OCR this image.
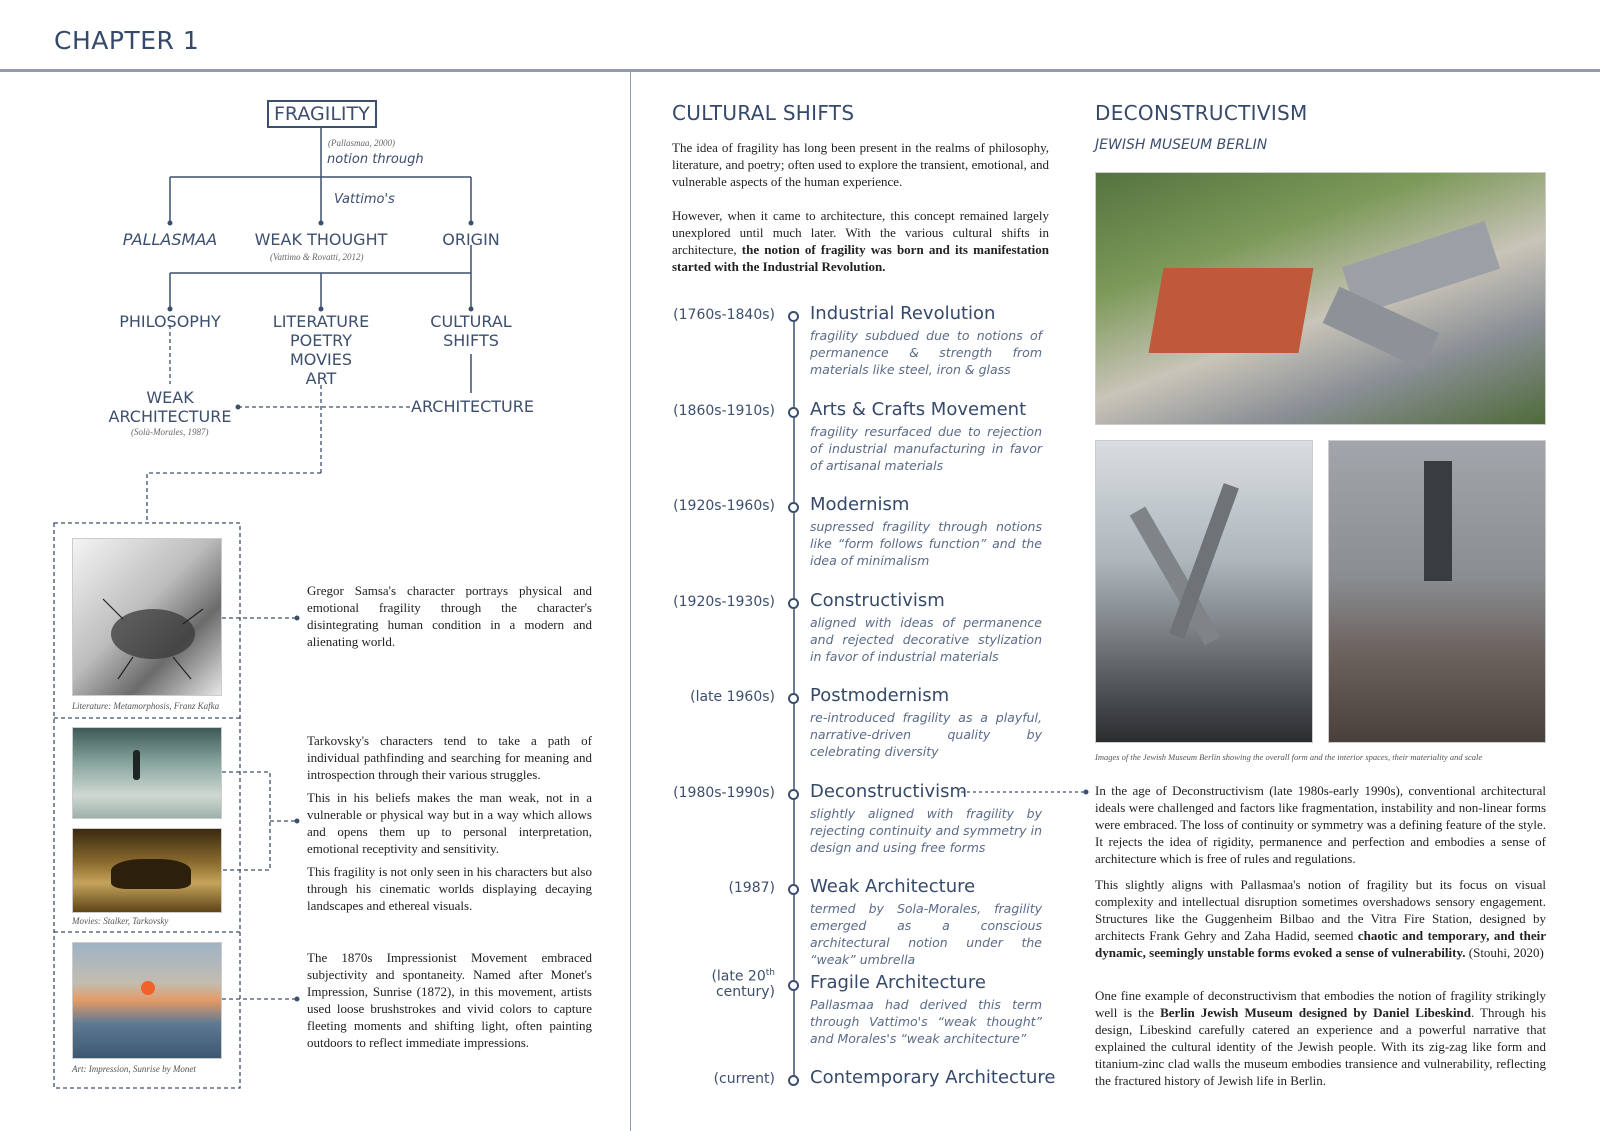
CHAPTER 1
FRAGILITY
(Pallasmaa, 2000)
notion through
Vattimo's
PALLASMAA	WEAK THOUGHT
(Vattimo & Rovatti, 2012)
ORIGIN
PHILOSOPHY	LITERATURE
POETRY
MOVIES
ART
CULTURAL
SHIFTS
WEAK
ARCHITECTURE
(Solà-Morales, 1987)
ARCHITECTURE
Literature: Metamorphosis, Franz Kafka
Movies: Stalker, Tarkovsky
Art: Impression, Sunrise by Monet
Gregor Samsa's character portrays physical and emotional fragility through the character's disintegrating human condition in a modern and alienating world.
Tarkovsky's characters tend to take a path of individual pathfinding and searching for meaning and introspection through their various struggles.
This in his beliefs makes the man weak, not in a vulnerable or physical way but in a way which allows and opens them up to personal interpretation, emotional receptivity and sensitivity.
This fragility is not only seen in his characters but also through his cinematic worlds displaying decaying landscapes and ethereal visuals.
The 1870s Impressionist Movement embraced subjectivity and spontaneity. Named after Monet's Impression, Sunrise (1872), in this movement, artists used loose brushstrokes and vivid colors to capture fleeting moments and shifting light, often painting outdoors to reflect immediate impressions.
CULTURAL SHIFTS
The idea of fragility has long been present in the realms of philosophy, literature, and poetry; often used to explore the transient, emotional, and vulnerable aspects of the human experience.
However, when it came to architecture, this concept remained largely unexplored until much later. With the various cultural shifts in architecture, the notion of fragility was born and its manifestation started with the Industrial Revolution.
(1760s-1840s) Industrial Revolution
fragility subdued due to notions of permanence & strength from materials like steel, iron & glass
(1860s-1910s) Arts & Crafts Movement
fragility resurfaced due to rejection of industrial manufacturing in favor of artisanal materials
(1920s-1960s) Modernism
supressed fragility through notions like “form follows function” and the idea of minimalism
(1920s-1930s) Constructivism
aligned with ideas of permanence and rejected decorative stylization in favor of industrial materials
(late 1960s) Postmodernism
re-introduced fragility as a playful, narrative-driven quality by celebrating diversity
(1980s-1990s) Deconstructivism
slightly aligned with fragility by rejecting continuity and symmetry in design and using free forms
(1987) Weak Architecture
termed by Sola-Morales, fragility emerged as a conscious architectural notion under the “weak” umbrella
(late 20th
century) Fragile Architecture
Pallasmaa had derived this term through Vattimo's “weak thought” and Morales's “weak architecture”
(current) Contemporary Architecture
DECONSTRUCTIVISM
JEWISH MUSEUM BERLIN
Images of the Jewish Museum Berlin showing the overall form and the interior spaces, their materiality and scale
In the age of Deconstructivism (late 1980s-early 1990s), conventional architectural ideals were challenged and factors like fragmentation, instability and non-linear forms were embraced. The loss of continuity or symmetry was a defining feature of the style. It rejects the idea of rigidity, permanence and perfection and embodies a sense of architecture which is free of rules and regulations.
This slightly aligns with Pallasmaa's notion of fragility but its focus on visual complexity and intellectual disruption sometimes overshadows sensory engagement. Structures like the Guggenheim Bilbao and the Vitra Fire Station, designed by architects Frank Gehry and Zaha Hadid, seemed chaotic and temporary, and their dynamic, seemingly unstable forms evoked a sense of vulnerability. (Stouhi, 2020)
One fine example of deconstructivism that embodies the notion of fragility strikingly well is the Berlin Jewish Museum designed by Daniel Libeskind. Through his design, Libeskind carefully catered an experience and a powerful narrative that explained the cultural identity of the Jewish people. With its zig-zag like form and titanium-zinc clad walls the museum embodies transience and vulnerability, reflecting the fractured history of Jewish life in Berlin.
